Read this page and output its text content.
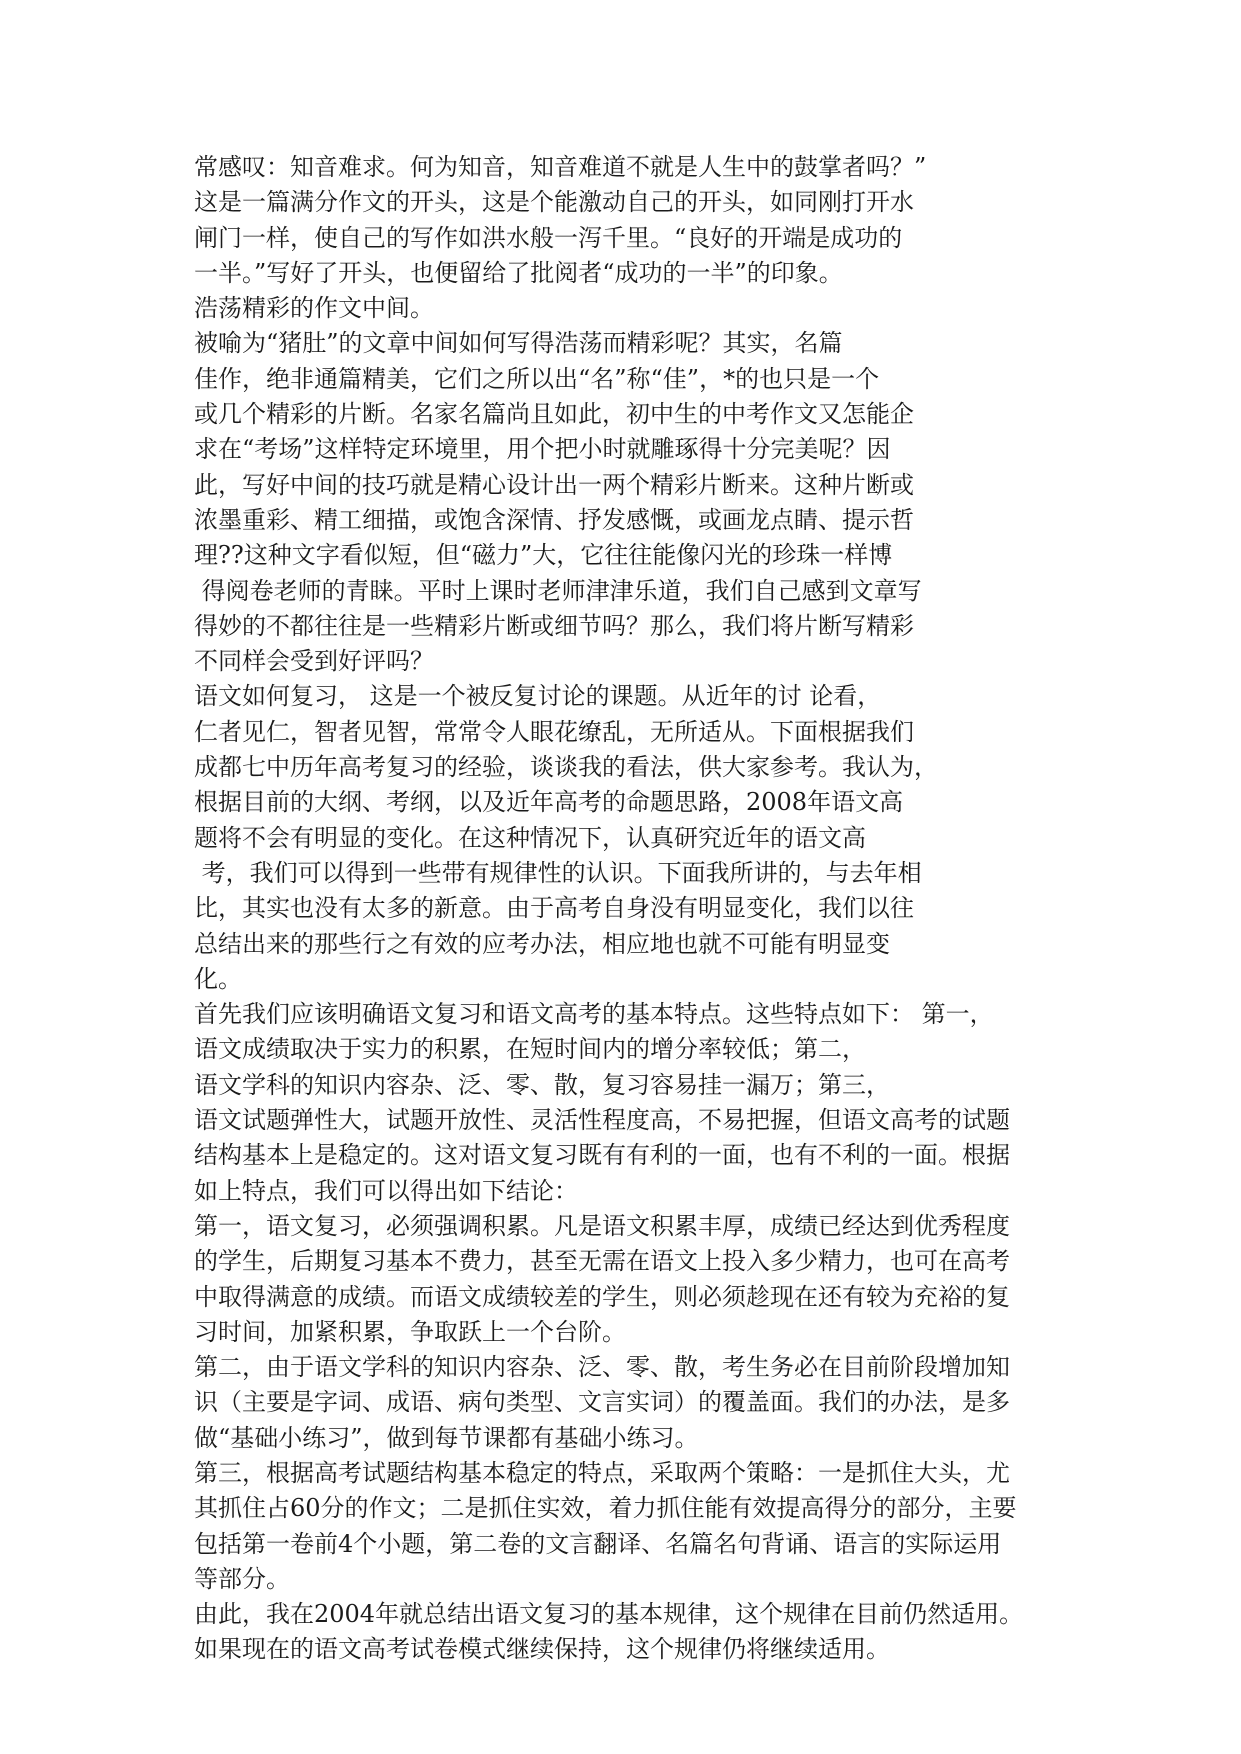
常感叹：知音难求。何为知音，知音难道不就是人生中的鼓掌者吗？”
这是一篇满分作文的开头，这是个能激动自己的开头，如同刚打开水
闸门一样，使自己的写作如洪水般一泻千里。“良好的开端是成功的
一半。”写好了开头，也便留给了批阅者“成功的一半”的印象。
浩荡精彩的作文中间。
被喻为“猪肚”的文章中间如何写得浩荡而精彩呢？其实，名篇
佳作，绝非通篇精美，它们之所以出“名”称“佳”，*的也只是一个
或几个精彩的片断。名家名篇尚且如此，初中生的中考作文又怎能企
求在“考场”这样特定环境里，用个把小时就雕琢得十分完美呢？因
此，写好中间的技巧就是精心设计出一两个精彩片断来。这种片断或
浓墨重彩、精工细描，或饱含深情、抒发感慨，或画龙点睛、提示哲
理??这种文字看似短，但“磁力”大，它往往能像闪光的珍珠一样博
得阅卷老师的青睐。平时上课时老师津津乐道，我们自己感到文章写
得妙的不都往往是一些精彩片断或细节吗？那么，我们将片断写精彩
不同样会受到好评吗？
语文如何复习， 这是一个被反复讨论的课题。从近年的讨 论看，
仁者见仁，智者见智，常常令人眼花缭乱，无所适从。下面根据我们
成都七中历年高考复习的经验，谈谈我的看法，供大家参考。我认为，
根据目前的大纲、考纲，以及近年高考的命题思路，2008年语文高
题将不会有明显的变化。在这种情况下，认真研究近年的语文高
考，我们可以得到一些带有规律性的认识。下面我所讲的，与去年相
比，其实也没有太多的新意。由于高考自身没有明显变化，我们以往
总结出来的那些行之有效的应考办法，相应地也就不可能有明显变
化。
首先我们应该明确语文复习和语文高考的基本特点。这些特点如下： 第一，
语文成绩取决于实力的积累，在短时间内的增分率较低；第二，
语文学科的知识内容杂、泛、零、散，复习容易挂一漏万；第三，
语文试题弹性大，试题开放性、灵活性程度高，不易把握，但语文高考的试题
结构基本上是稳定的。这对语文复习既有有利的一面，也有不利的一面。根据
如上特点，我们可以得出如下结论：
第一，语文复习，必须强调积累。凡是语文积累丰厚，成绩已经达到优秀程度
的学生，后期复习基本不费力，甚至无需在语文上投入多少精力，也可在高考
中取得满意的成绩。而语文成绩较差的学生，则必须趁现在还有较为充裕的复
习时间，加紧积累，争取跃上一个台阶。
第二，由于语文学科的知识内容杂、泛、零、散，考生务必在目前阶段增加知
识（主要是字词、成语、病句类型、文言实词）的覆盖面。我们的办法，是多
做“基础小练习”，做到每节课都有基础小练习。
第三，根据高考试题结构基本稳定的特点，采取两个策略：一是抓住大头，尤
其抓住占60分的作文；二是抓住实效，着力抓住能有效提高得分的部分，主要
包括第一卷前4个小题，第二卷的文言翻译、名篇名句背诵、语言的实际运用
等部分。
由此，我在2004年就总结出语文复习的基本规律，这个规律在目前仍然适用。
如果现在的语文高考试卷模式继续保持，这个规律仍将继续适用。
